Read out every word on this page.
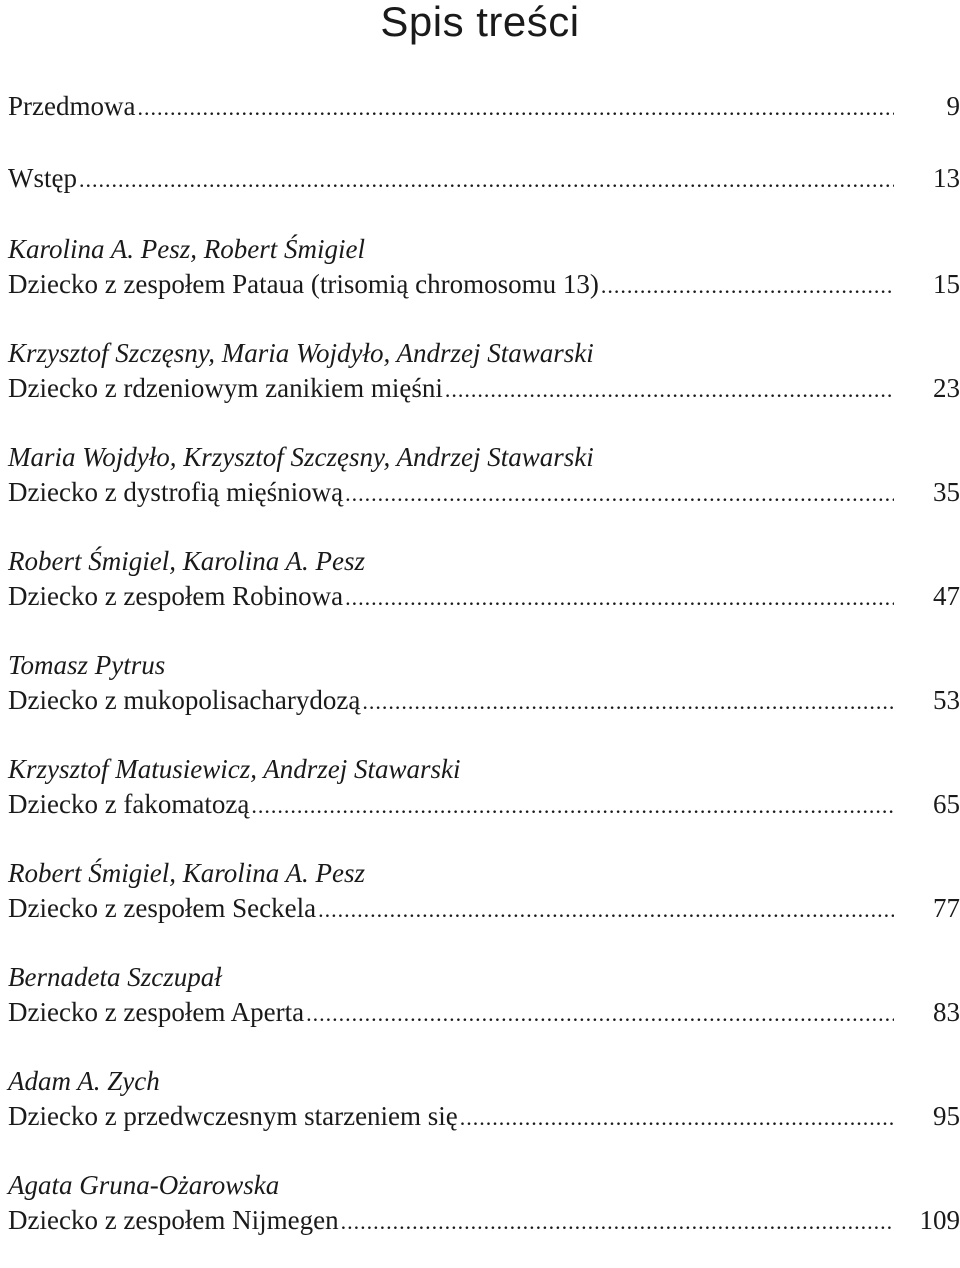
Spis treści
Przedmowa .....	9
Wstęp .....	13
Karolina A. Pesz, Robert Śmigiel
Dziecko z zespołem Pataua (trisomią chromosomu 13) .....	15
Krzysztof Szczęsny, Maria Wojdyło, Andrzej Stawarski
Dziecko z rdzeniowym zanikiem mięśni .....	23
Maria Wojdyło, Krzysztof Szczęsny, Andrzej Stawarski
Dziecko z dystrofią mięśniową .....	35
Robert Śmigiel, Karolina A. Pesz
Dziecko z zespołem Robinowa .....	47
Tomasz Pytrus
Dziecko z mukopolisacharydozą .....	53
Krzysztof Matusiewicz, Andrzej Stawarski
Dziecko z fakomatozą .....	65
Robert Śmigiel, Karolina A. Pesz
Dziecko z zespołem Seckela .....	77
Bernadeta Szczupał
Dziecko z zespołem Aperta .....	83
Adam A. Zych
Dziecko z przedwczesnym starzeniem się .....	95
Agata Gruna-Ożarowska
Dziecko z zespołem Nijmegen .....	109
